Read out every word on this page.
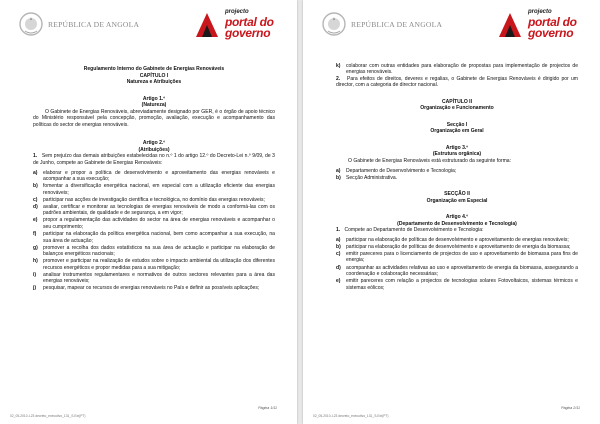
REPÚBLICA DE ANGOLA
projecto
portal do
governo

Regulamento Interno do Gabinete de Energias Renováveis

CAPÍTULO I

Natureza e Atribuições

Artigo 1.º

(Natureza)

O Gabinete de Energias Renováveis, abreviadamente designado por GER, é o órgão de apoio técnico do Ministério responsável pela concepção, promoção, avaliação, execução e acompanhamento das políticas do sector de energias renováveis.

Artigo 2.º

(Atribuições)

1. Sem prejuízo das demais atribuições estabelecidas no n.º 1 do artigo 12.º do Decreto-Lei n.º 9/09, de 3 de Junho, compete ao Gabinete de Energias Renováveis:

a)	elaborar e propor a política de desenvolvimento e aproveitamento das energias renováveis e acompanhar a sua execução;
b)	fomentar a diversificação energética nacional, em especial com a utilização eficiente das energias renováveis;
c)	participar nas acções de investigação científica e tecnológica, no domínio das energias renováveis;
d)	avaliar, certificar e monitorar as tecnologias de energias renováveis de modo a conformá-las com os padrões ambientais, de qualidade e de segurança, a em vigor;
e)	propor a regulamentação das actividades do sector na área de energias renováveis e acompanhar o seu cumprimento;
f)	participar na elaboração da política energética nacional, bem como acompanhar a sua execução, na sua área de actuação;
g)	promover a recolha dos dados estatísticos na sua área de actuação e participar na elaboração de balanços energéticos nacionais;
h)	promover e participar na realização de estudos sobre o impacto ambiental da utilização dos diferentes recursos energéticos e propor medidas para a sua mitigação;
i)	analisar instrumentos regulamentares e normativos de outros sectores relevantes para a área das energias renováveis;
j)	pesquisar, mapear os recursos de energias renováveis no País e definir as possíveis aplicações;
Página 1/11
02_05-2010-I-23 decreto_executivo_131_S.Ext(PT)
REPÚBLICA DE ANGOLA
projecto
portal do
governo
k)	colaborar com outras entidades para elaboração de propostas para implementação de projectos de energias renováveis.

2. Para efeitos de direitos, deveres e regalias, o Gabinete de Energias Renováveis é dirigido por um director, com a categoria de director nacional.

CAPÍTULO II

Organização e Funcionamento

Secção I

Organização em Geral

Artigo 3.º

(Estrutura orgânica)

O Gabinete de Energias Renováveis está estruturado da seguinte forma:

a)	Departamento de Desenvolvimento e Tecnologia;
b)	Secção Administrativa.

SECÇÃO II

Organização em Especial

Artigo 4.º

(Departamento de Desenvolvimento e Tecnologia)

1. Compete ao Departamento de Desenvolvimento e Tecnologia:

a)	participar na elaboração de políticas de desenvolvimento e aproveitamento de energias renováveis;
b)	participar na elaboração de políticas de desenvolvimento e aproveitamento de energia da biomassa;
c)	emitir pareceres para o licenciamento de projectos de uso e aproveitamento de biomassa para fins de energia;
d)	acompanhar as actividades relativas ao uso e aproveitamento de energia da biomassa, assegurando a coordenação e colaboração necessárias;
e)	emitir pareceres com relação a projectos de tecnologias solares Fotovoltaicos, sistemas térmicos e sistemas eólicos;
Página 2/11
02_05-2010-I-23 decreto_executivo_131_S.Ext(PT)
